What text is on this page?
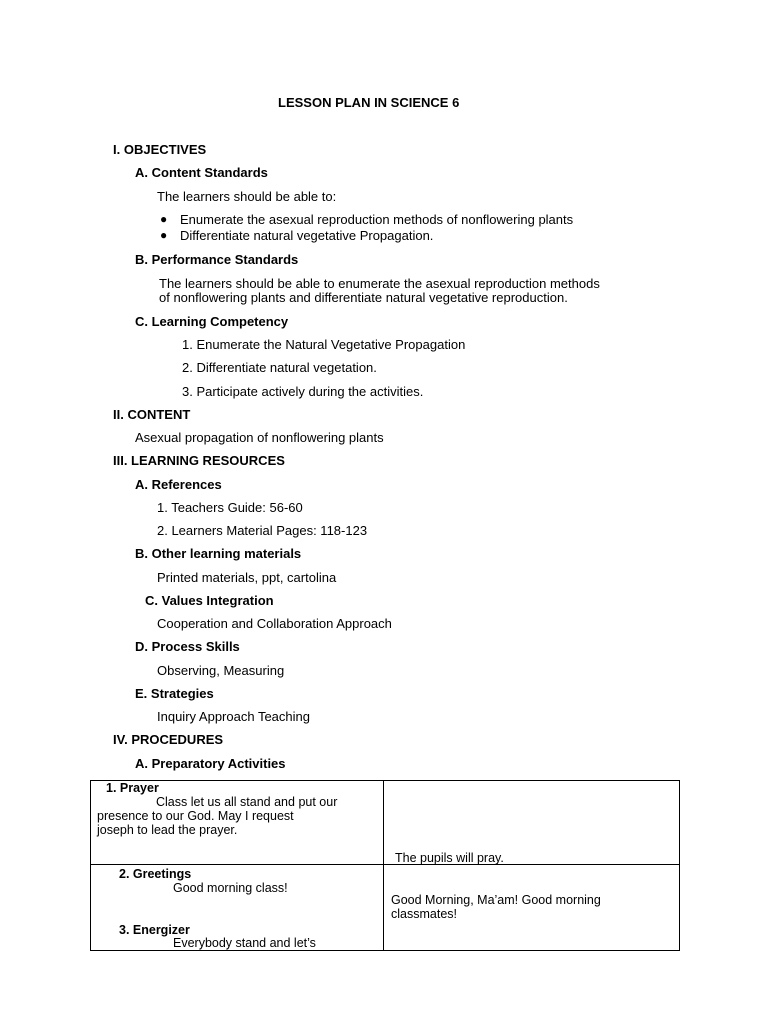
LESSON PLAN IN SCIENCE 6
I. OBJECTIVES
A. Content Standards
The learners should be able to:
● Enumerate the asexual reproduction methods of nonflowering plants
● Differentiate natural vegetative Propagation.
B. Performance Standards
The learners should be able to enumerate the asexual reproduction methods
of nonflowering plants and differentiate natural vegetative reproduction.
C. Learning Competency
1. Enumerate the Natural Vegetative Propagation
2. Differentiate natural vegetation.
3. Participate actively during the activities.
II. CONTENT
Asexual propagation of nonflowering plants
III. LEARNING RESOURCES
A. References
1. Teachers Guide: 56-60
2. Learners Material Pages: 118-123
B. Other learning materials
Printed materials, ppt, cartolina
C. Values Integration
Cooperation and Collaboration Approach
D. Process Skills
Observing, Measuring
E. Strategies
Inquiry Approach Teaching
IV. PROCEDURES
A. Preparatory Activities
1. Prayer
Class let us all stand and put our
presence to our God. May I request
joseph to lead the prayer.	The pupils will pray.

2. Greetings
Good morning class!
3. Energizer
Everybody stand and let’s	Good Morning, Ma’am! Good morning
classmates!
